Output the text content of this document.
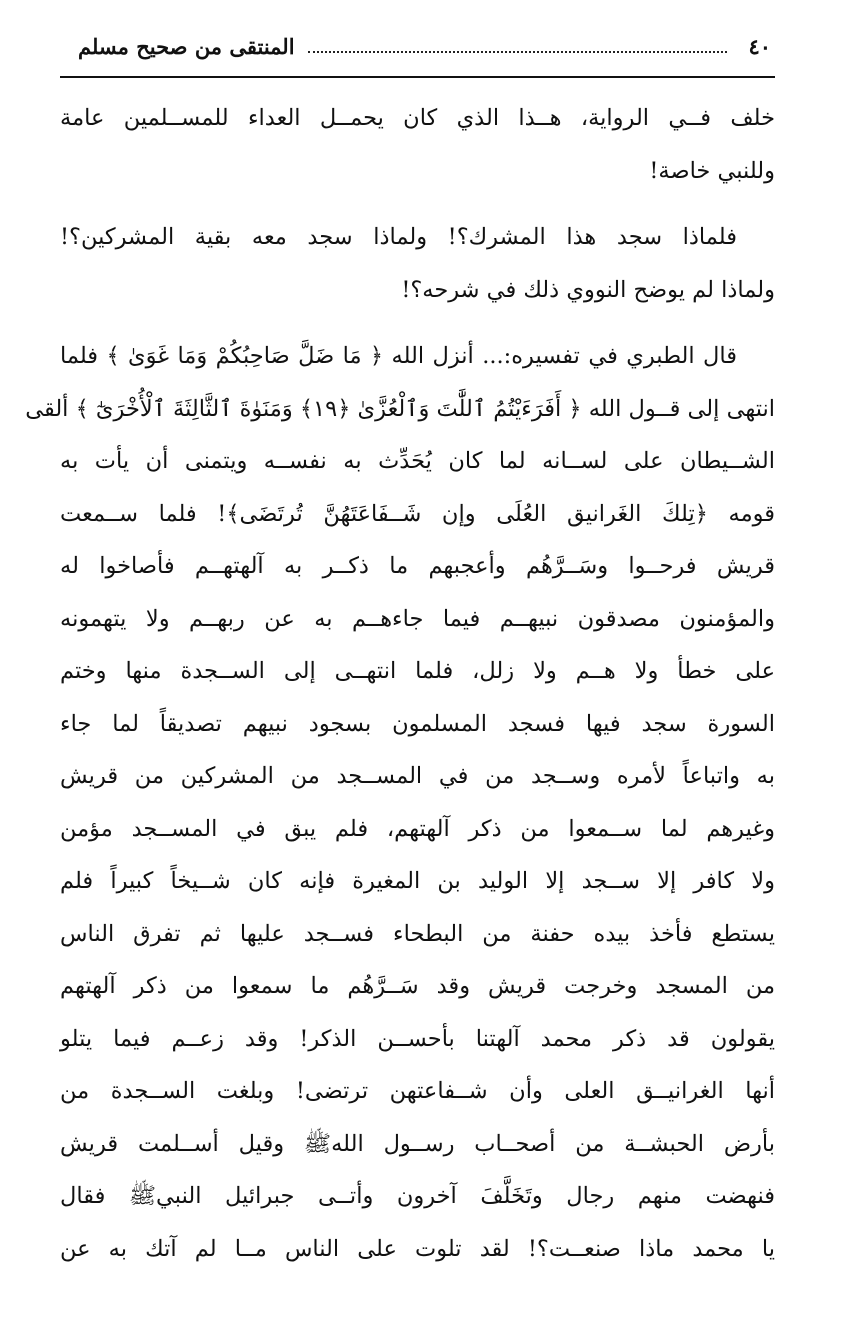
٤٠
المنتقى من صحيح مسلم

خلف فــي الرواية، هــذا الذي كان يحمــل العداء للمســلمين عامة
وللنبي خاصة!

فلماذا سجد هذا المشرك؟! ولماذا سجد معه بقية المشركين؟!
ولماذا لم يوضح النووي ذلك في شرحه؟!

قال الطبري في تفسيره:... أنزل الله ﴿ مَا ضَلَّ صَاحِبُكُمْ وَمَا غَوَىٰ ﴾ فلما
انتهى إلى قــول الله ﴿ أَفَرَءَيْتُمُ ٱللَّٰتَ وَٱلْعُزَّىٰ ﴿١٩﴾ وَمَنَوٰةَ ٱلثَّالِثَةَ ٱلْأُخْرَىٰٓ ﴾ ألقى
الشــيطان على لســانه لما كان يُحَدِّث به نفســه ويتمنى أن يأت به
قومه ﴿تِلكَ الغَرانيق العُلَى وإن شَــفَاعَتَهُنَّ تُرتَضَى﴾! فلما ســمعت
قريش فرحــوا وسَــرَّهُم وأعجبهم ما ذكــر به آلهتهــم فأصاخوا له
والمؤمنون مصدقون نبيهــم فيما جاءهــم به عن ربهــم ولا يتهمونه
على خطأ ولا هــم ولا زلل، فلما انتهــى إلى الســجدة منها وختم
السورة سجد فيها فسجد المسلمون بسجود نبيهم تصديقاً لما جاء
به واتباعاً لأمره وســجد من في المســجد من المشركين من قريش
وغيرهم لما ســمعوا من ذكر آلهتهم، فلم يبق في المســجد مؤمن
ولا كافر إلا ســجد إلا الوليد بن المغيرة فإنه كان شــيخاً كبيراً فلم
يستطع فأخذ بيده حفنة من البطحاء فســجد عليها ثم تفرق الناس
من المسجد وخرجت قريش وقد سَــرَّهُم ما سمعوا من ذكر آلهتهم
يقولون قد ذكر محمد آلهتنا بأحســن الذكر! وقد زعــم فيما يتلو
أنها الغرانيــق العلى وأن شــفاعتهن ترتضى! وبلغت الســجدة من
بأرض الحبشــة من أصحــاب رســول اللهﷺ وقيل أســلمت قريش
فنهضت منهم رجال وتَخَلَّفَ آخرون وأتــى جبرائيل النبيﷺ فقال
يا محمد ماذا صنعــت؟! لقد تلوت على الناس مــا لم آتك به عن
